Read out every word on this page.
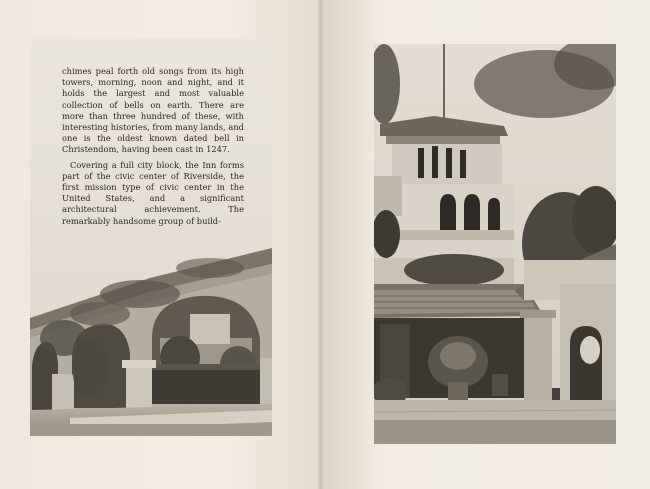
chimes peal forth old songs from its high towers, morning, noon and night, and it holds the largest and most valuable collection of bells on earth. There are more than three hundred of these, with interesting histories, from many lands, and one is the oldest known dated bell in Christendom, having been cast in 1247.

Covering a full city block, the Inn forms part of the civic center of Riverside, the first mission type of civic center in the United States, and a significant architectural achievement. The remarkably handsome group of build-
